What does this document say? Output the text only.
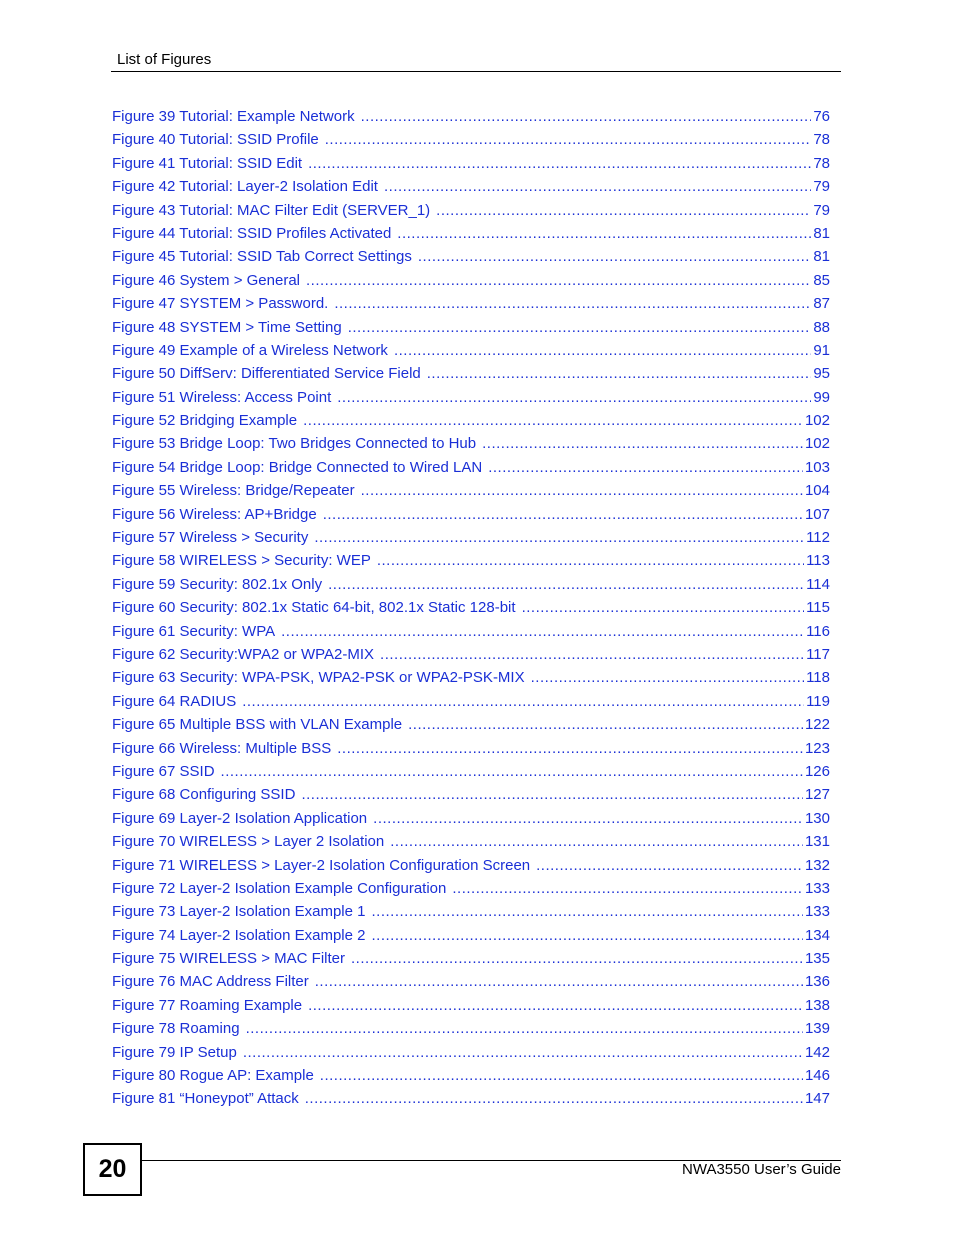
List of Figures
Figure 39 Tutorial: Example Network .....	76
Figure 40 Tutorial: SSID Profile .....	78
Figure 41 Tutorial: SSID Edit .....	78
Figure 42 Tutorial: Layer-2 Isolation Edit .....	79
Figure 43 Tutorial: MAC Filter Edit (SERVER_1) .....	79
Figure 44 Tutorial: SSID Profiles Activated .....	81
Figure 45 Tutorial: SSID Tab Correct Settings .....	81
Figure 46 System > General .....	85
Figure 47 SYSTEM > Password. .....	87
Figure 48 SYSTEM > Time Setting .....	88
Figure 49 Example of a Wireless Network .....	91
Figure 50 DiffServ: Differentiated Service Field .....	95
Figure 51 Wireless: Access Point .....	99
Figure 52 Bridging Example .....	102
Figure 53 Bridge Loop: Two Bridges Connected to Hub .....	102
Figure 54 Bridge Loop: Bridge Connected to Wired LAN .....	103
Figure 55 Wireless: Bridge/Repeater .....	104
Figure 56 Wireless: AP+Bridge .....	107
Figure 57 Wireless > Security .....	112
Figure 58 WIRELESS > Security: WEP .....	113
Figure 59 Security: 802.1x Only .....	114
Figure 60 Security: 802.1x Static 64-bit, 802.1x Static 128-bit .....	115
Figure 61 Security: WPA .....	116
Figure 62 Security:WPA2 or WPA2-MIX .....	117
Figure 63 Security: WPA-PSK, WPA2-PSK or WPA2-PSK-MIX .....	118
Figure 64 RADIUS .....	119
Figure 65 Multiple BSS with VLAN Example .....	122
Figure 66 Wireless: Multiple BSS .....	123
Figure 67 SSID .....	126
Figure 68 Configuring SSID .....	127
Figure 69 Layer-2 Isolation Application .....	130
Figure 70 WIRELESS > Layer 2 Isolation .....	131
Figure 71 WIRELESS > Layer-2 Isolation Configuration Screen .....	132
Figure 72 Layer-2 Isolation Example Configuration .....	133
Figure 73 Layer-2 Isolation Example 1 .....	133
Figure 74 Layer-2 Isolation Example 2 .....	134
Figure 75 WIRELESS > MAC Filter .....	135
Figure 76 MAC Address Filter .....	136
Figure 77 Roaming Example .....	138
Figure 78 Roaming .....	139
Figure 79 IP Setup .....	142
Figure 80 Rogue AP: Example .....	146
Figure 81 “Honeypot” Attack .....	147
20	NWA3550 User’s Guide
